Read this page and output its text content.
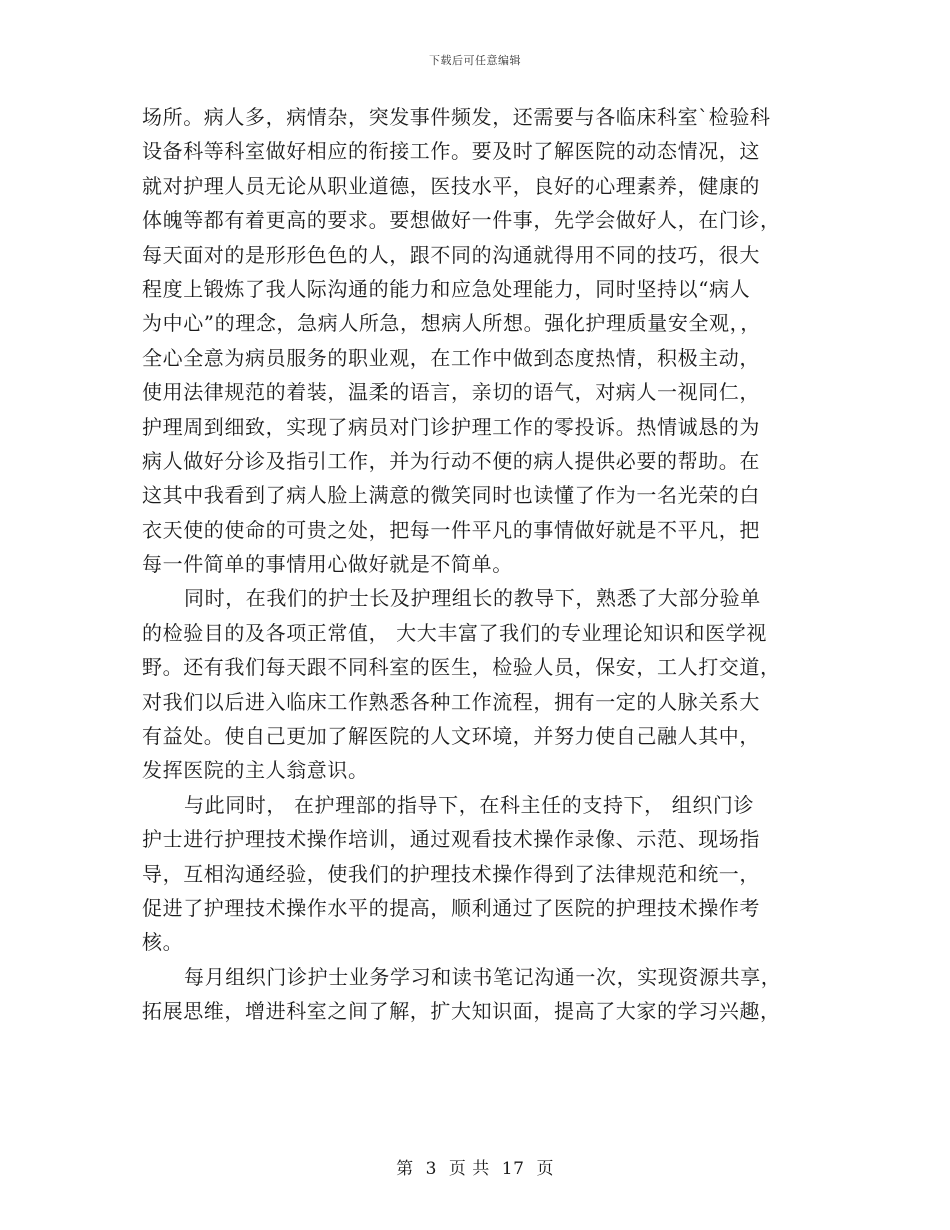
下载后可任意编辑
场所。病人多，病情杂，突发事件频发，还需要与各临床科室`检验科
设备科等科室做好相应的衔接工作。要及时了解医院的动态情况，这
就对护理人员无论从职业道德，医技水平，良好的心理素养，健康的
体魄等都有着更高的要求。要想做好一件事，先学会做好人，在门诊，
每天面对的是形形色色的人，跟不同的沟通就得用不同的技巧，很大
程度上锻炼了我人际沟通的能力和应急处理能力，同时坚持以“病人
为中心”的理念，急病人所急，想病人所想。强化护理质量安全观，，
全心全意为病员服务的职业观，在工作中做到态度热情，积极主动，
使用法律规范的着装，温柔的语言，亲切的语气，对病人一视同仁，
护理周到细致，实现了病员对门诊护理工作的零投诉。热情诚恳的为
病人做好分诊及指引工作，并为行动不便的病人提供必要的帮助。在
这其中我看到了病人脸上满意的微笑同时也读懂了作为一名光荣的白
衣天使的使命的可贵之处，把每一件平凡的事情做好就是不平凡，把
每一件简单的事情用心做好就是不简单。
同时，在我们的护士长及护理组长的教导下，熟悉了大部分验单
的检验目的及各项正常值， 大大丰富了我们的专业理论知识和医学视
野。还有我们每天跟不同科室的医生，检验人员，保安，工人打交道，
对我们以后进入临床工作熟悉各种工作流程，拥有一定的人脉关系大
有益处。使自己更加了解医院的人文环境，并努力使自己融人其中，
发挥医院的主人翁意识。
与此同时， 在护理部的指导下，在科主任的支持下， 组织门诊
护士进行护理技术操作培训，通过观看技术操作录像、示范、现场指
导，互相沟通经验，使我们的护理技术操作得到了法律规范和统一，
促进了护理技术操作水平的提高，顺利通过了医院的护理技术操作考
核。
每月组织门诊护士业务学习和读书笔记沟通一次，实现资源共享，
拓展思维，增进科室之间了解，扩大知识面，提高了大家的学习兴趣，
第 3 页 共 17 页
